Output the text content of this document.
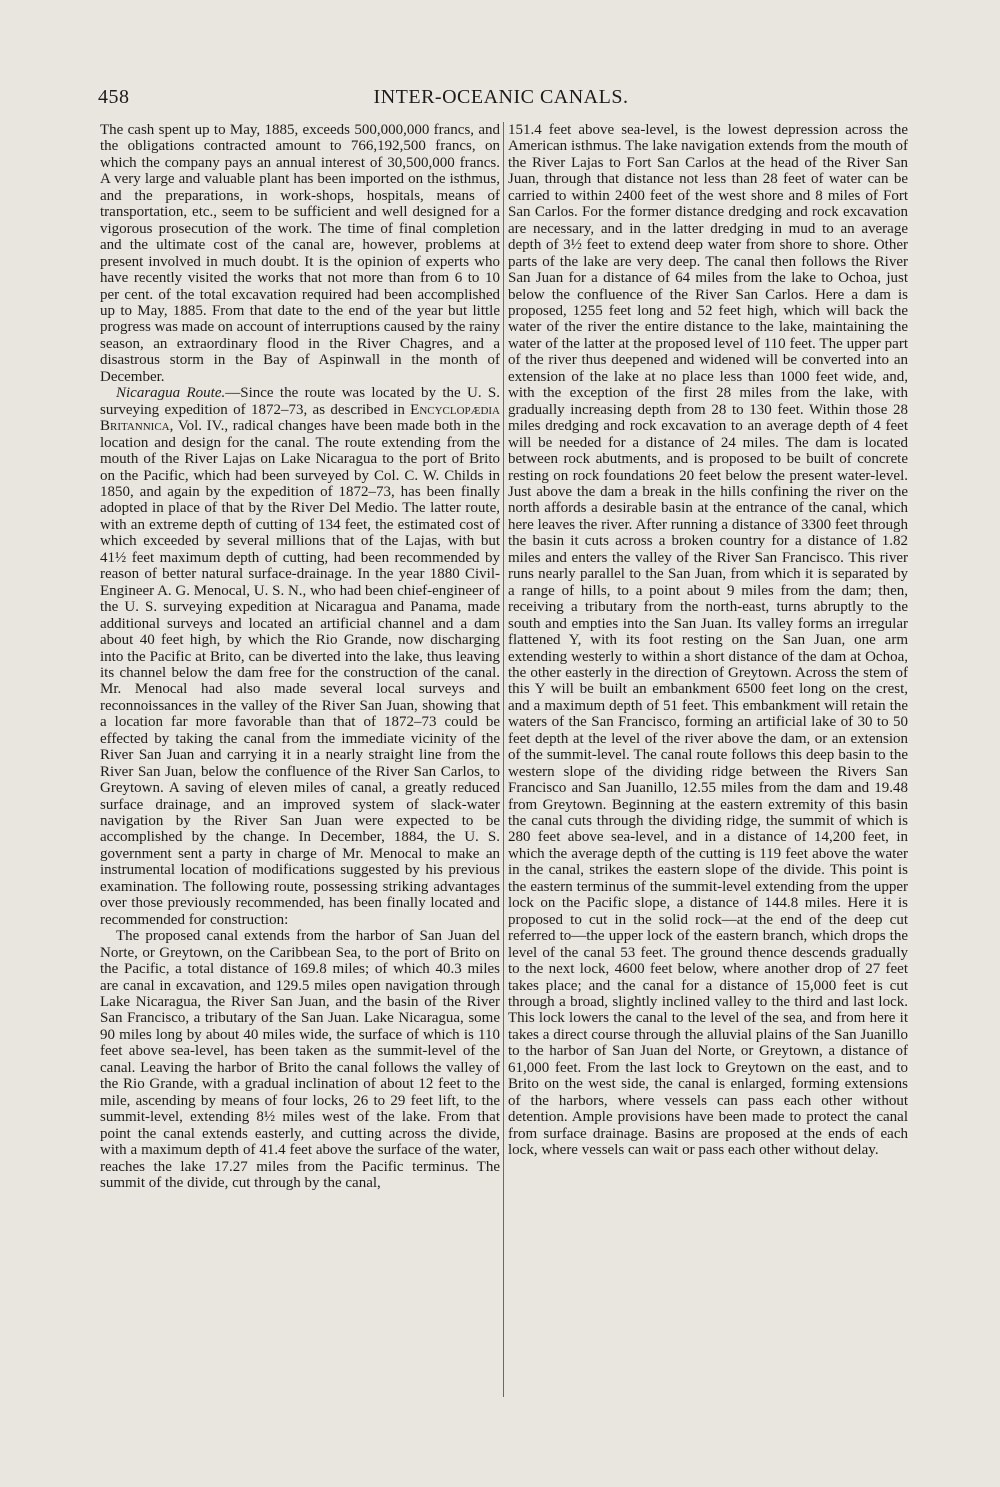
458	INTER-OCEANIC CANALS.

The cash spent up to May, 1885, exceeds 500,000,000 francs, and the obligations contracted amount to 766,192,500 francs, on which the company pays an annual interest of 30,500,000 francs. A very large and valuable plant has been imported on the isthmus, and the preparations, in work-shops, hospitals, means of transportation, etc., seem to be sufficient and well designed for a vigorous prosecution of the work. The time of final completion and the ultimate cost of the canal are, however, problems at present involved in much doubt. It is the opinion of experts who have recently visited the works that not more than from 6 to 10 per cent. of the total excavation required had been accomplished up to May, 1885. From that date to the end of the year but little progress was made on account of interruptions caused by the rainy season, an extraordinary flood in the River Chagres, and a disastrous storm in the Bay of Aspinwall in the month of December.

Nicaragua Route.—Since the route was located by the U. S. surveying expedition of 1872–73, as described in Encyclopædia Britannica, Vol. IV., radical changes have been made both in the location and design for the canal. The route extending from the mouth of the River Lajas on Lake Nicaragua to the port of Brito on the Pacific, which had been surveyed by Col. C. W. Childs in 1850, and again by the expedition of 1872–73, has been finally adopted in place of that by the River Del Medio. The latter route, with an extreme depth of cutting of 134 feet, the estimated cost of which exceeded by several millions that of the Lajas, with but 41½ feet maximum depth of cutting, had been recommended by reason of better natural surface-drainage. In the year 1880 Civil-Engineer A. G. Menocal, U. S. N., who had been chief-engineer of the U. S. surveying expedition at Nicaragua and Panama, made additional surveys and located an artificial channel and a dam about 40 feet high, by which the Rio Grande, now discharging into the Pacific at Brito, can be diverted into the lake, thus leaving its channel below the dam free for the construction of the canal. Mr. Menocal had also made several local surveys and reconnoissances in the valley of the River San Juan, showing that a location far more favorable than that of 1872–73 could be effected by taking the canal from the immediate vicinity of the River San Juan and carrying it in a nearly straight line from the River San Juan, below the confluence of the River San Carlos, to Greytown. A saving of eleven miles of canal, a greatly reduced surface drainage, and an improved system of slack-water navigation by the River San Juan were expected to be accomplished by the change. In December, 1884, the U. S. government sent a party in charge of Mr. Menocal to make an instrumental location of modifications suggested by his previous examination. The following route, possessing striking advantages over those previously recommended, has been finally located and recommended for construction:

The proposed canal extends from the harbor of San Juan del Norte, or Greytown, on the Caribbean Sea, to the port of Brito on the Pacific, a total distance of 169.8 miles; of which 40.3 miles are canal in excavation, and 129.5 miles open navigation through Lake Nicaragua, the River San Juan, and the basin of the River San Francisco, a tributary of the San Juan. Lake Nicaragua, some 90 miles long by about 40 miles wide, the surface of which is 110 feet above sea-level, has been taken as the summit-level of the canal. Leaving the harbor of Brito the canal follows the valley of the Rio Grande, with a gradual inclination of about 12 feet to the mile, ascending by means of four locks, 26 to 29 feet lift, to the summit-level, extending 8½ miles west of the lake. From that point the canal extends easterly, and cutting across the divide, with a maximum depth of 41.4 feet above the surface of the water, reaches the lake 17.27 miles from the Pacific terminus. The summit of the divide, cut through by the canal,

151.4 feet above sea-level, is the lowest depression across the American isthmus. The lake navigation extends from the mouth of the River Lajas to Fort San Carlos at the head of the River San Juan, through that distance not less than 28 feet of water can be carried to within 2400 feet of the west shore and 8 miles of Fort San Carlos. For the former distance dredging and rock excavation are necessary, and in the latter dredging in mud to an average depth of 3½ feet to extend deep water from shore to shore. Other parts of the lake are very deep. The canal then follows the River San Juan for a distance of 64 miles from the lake to Ochoa, just below the confluence of the River San Carlos. Here a dam is proposed, 1255 feet long and 52 feet high, which will back the water of the river the entire distance to the lake, maintaining the water of the latter at the proposed level of 110 feet. The upper part of the river thus deepened and widened will be converted into an extension of the lake at no place less than 1000 feet wide, and, with the exception of the first 28 miles from the lake, with gradually increasing depth from 28 to 130 feet. Within those 28 miles dredging and rock excavation to an average depth of 4 feet will be needed for a distance of 24 miles. The dam is located between rock abutments, and is proposed to be built of concrete resting on rock foundations 20 feet below the present water-level. Just above the dam a break in the hills confining the river on the north affords a desirable basin at the entrance of the canal, which here leaves the river. After running a distance of 3300 feet through the basin it cuts across a broken country for a distance of 1.82 miles and enters the valley of the River San Francisco. This river runs nearly parallel to the San Juan, from which it is separated by a range of hills, to a point about 9 miles from the dam; then, receiving a tributary from the north-east, turns abruptly to the south and empties into the San Juan. Its valley forms an irregular flattened Y, with its foot resting on the San Juan, one arm extending westerly to within a short distance of the dam at Ochoa, the other easterly in the direction of Greytown. Across the stem of this Y will be built an embankment 6500 feet long on the crest, and a maximum depth of 51 feet. This embankment will retain the waters of the San Francisco, forming an artificial lake of 30 to 50 feet depth at the level of the river above the dam, or an extension of the summit-level. The canal route follows this deep basin to the western slope of the dividing ridge between the Rivers San Francisco and San Juanillo, 12.55 miles from the dam and 19.48 from Greytown. Beginning at the eastern extremity of this basin the canal cuts through the dividing ridge, the summit of which is 280 feet above sea-level, and in a distance of 14,200 feet, in which the average depth of the cutting is 119 feet above the water in the canal, strikes the eastern slope of the divide. This point is the eastern terminus of the summit-level extending from the upper lock on the Pacific slope, a distance of 144.8 miles. Here it is proposed to cut in the solid rock—at the end of the deep cut referred to—the upper lock of the eastern branch, which drops the level of the canal 53 feet. The ground thence descends gradually to the next lock, 4600 feet below, where another drop of 27 feet takes place; and the canal for a distance of 15,000 feet is cut through a broad, slightly inclined valley to the third and last lock. This lock lowers the canal to the level of the sea, and from here it takes a direct course through the alluvial plains of the San Juanillo to the harbor of San Juan del Norte, or Greytown, a distance of 61,000 feet. From the last lock to Greytown on the east, and to Brito on the west side, the canal is enlarged, forming extensions of the harbors, where vessels can pass each other without detention. Ample provisions have been made to protect the canal from surface drainage. Basins are proposed at the ends of each lock, where vessels can wait or pass each other without delay.
